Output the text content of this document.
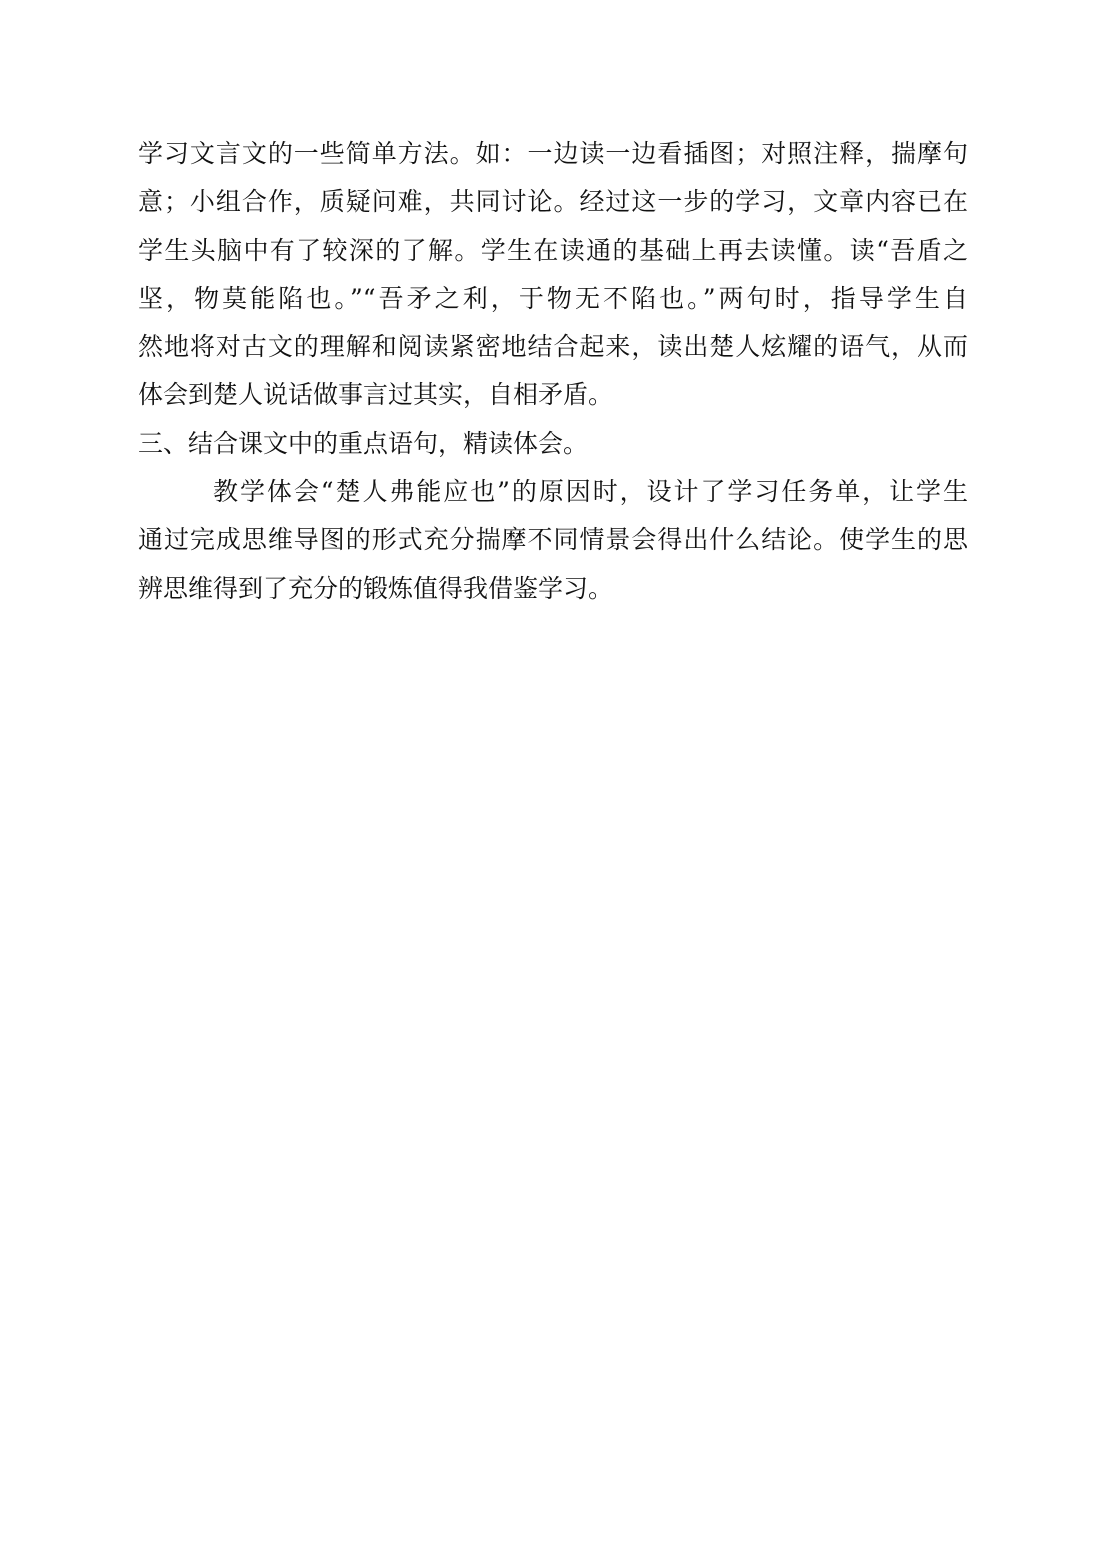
学习文言文的一些简单方法。如：一边读一边看插图；对照注释，揣摩句
意；小组合作，质疑问难，共同讨论。经过这一步的学习，文章内容已在
学生头脑中有了较深的了解。学生在读通的基础上再去读懂。读“吾盾之
坚，物莫能陷也。”“吾矛之利，于物无不陷也。”两句时，指导学生自
然地将对古文的理解和阅读紧密地结合起来，读出楚人炫耀的语气，从而
体会到楚人说话做事言过其实，自相矛盾。
三、结合课文中的重点语句，精读体会。
教学体会“楚人弗能应也”的原因时，设计了学习任务单，让学生
通过完成思维导图的形式充分揣摩不同情景会得出什么结论。使学生的思
辨思维得到了充分的锻炼值得我借鉴学习。
